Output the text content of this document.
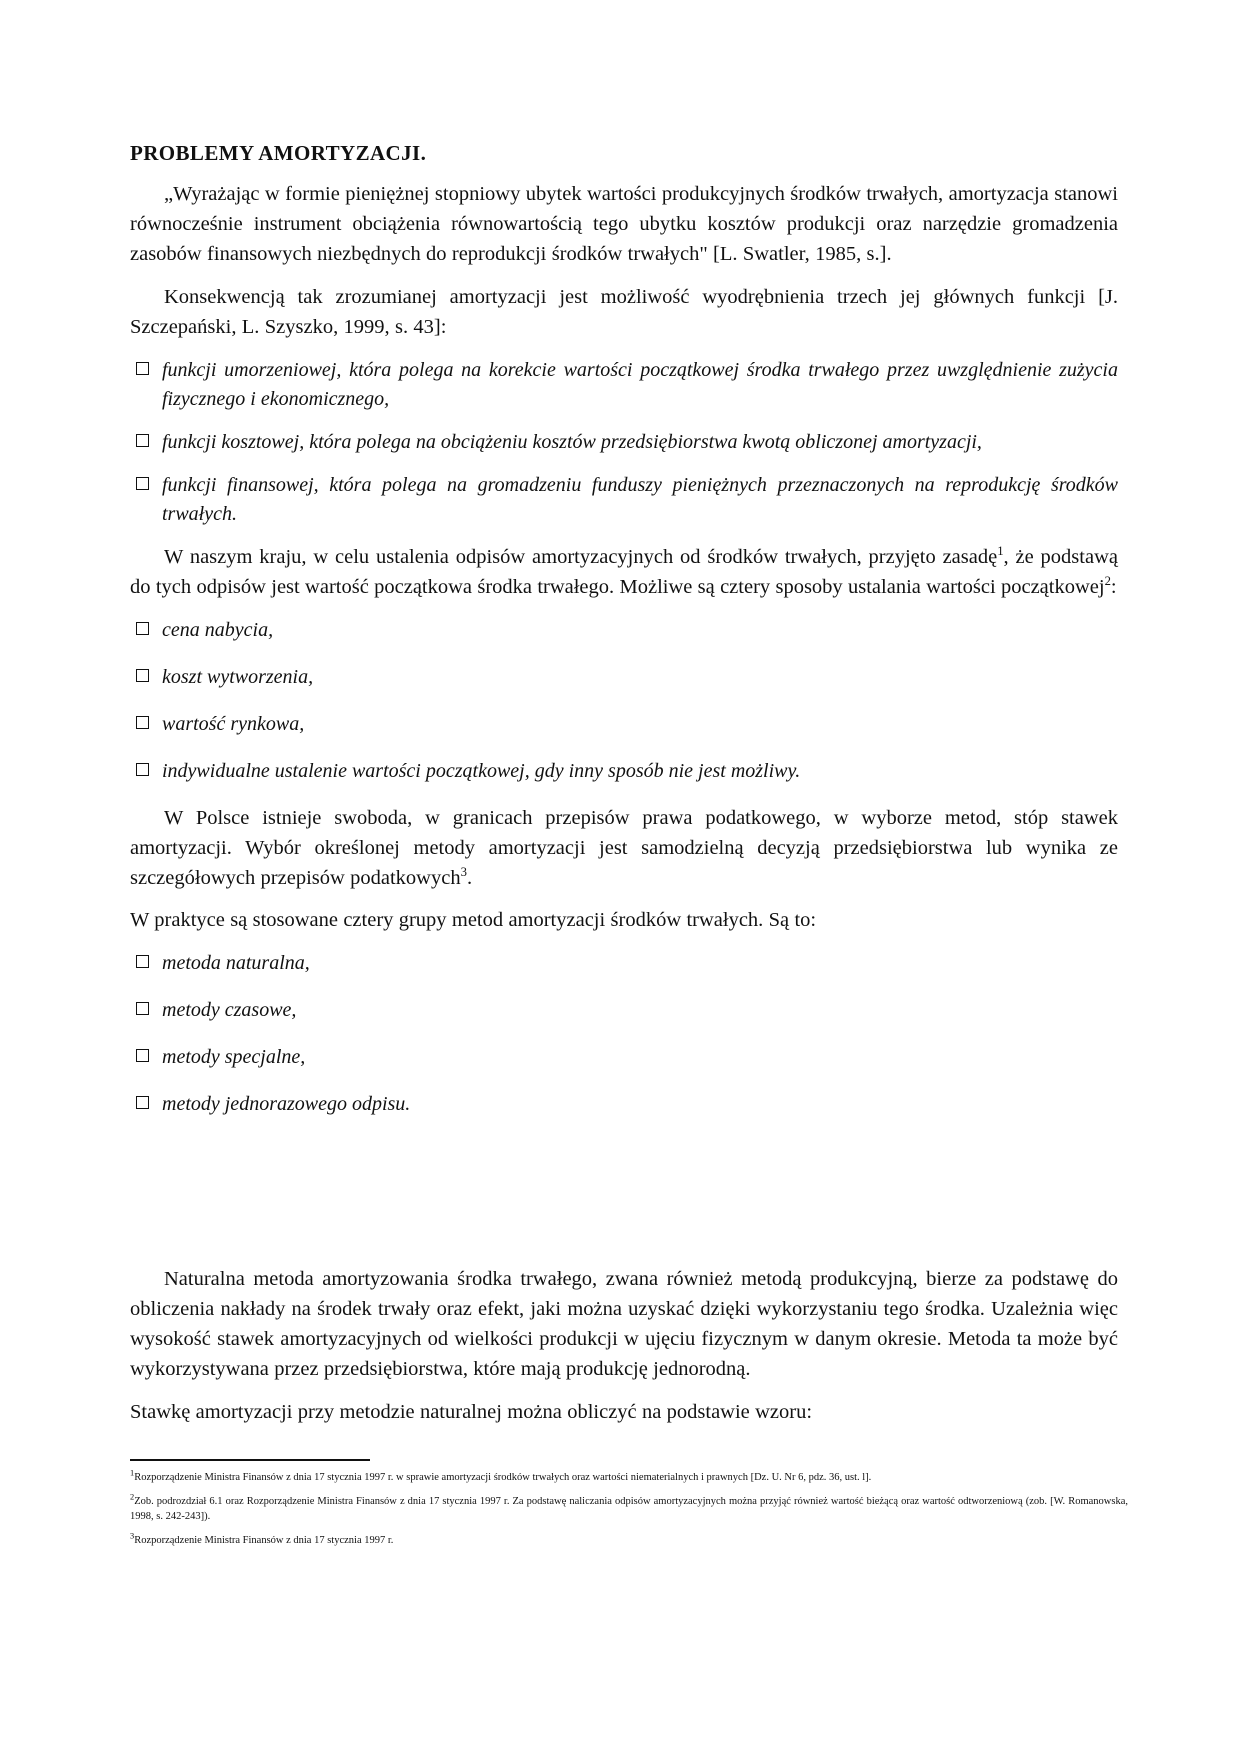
PROBLEMY AMORTYZACJI.

„Wyrażając w formie pieniężnej stopniowy ubytek wartości produkcyjnych środków trwałych, amortyzacja stanowi równocześnie instrument obciążenia równowartością tego ubytku kosztów produkcji oraz narzędzie gromadzenia zasobów finansowych niezbędnych do reprodukcji środków trwałych" [L. Swatler, 1985, s.].

Konsekwencją tak zrozumianej amortyzacji jest możliwość wyodrębnienia trzech jej głównych funkcji [J. Szczepański, L. Szyszko, 1999, s. 43]:

funkcji umorzeniowej, która polega na korekcie wartości początkowej środka trwałego przez uwzględnienie zużycia fizycznego i ekonomicznego,
funkcji kosztowej, która polega na obciążeniu kosztów przedsiębiorstwa kwotą obliczonej amortyzacji,
funkcji finansowej, która polega na gromadzeniu funduszy pieniężnych przeznaczonych na reprodukcję środków trwałych.

W naszym kraju, w celu ustalenia odpisów amortyzacyjnych od środków trwałych, przyjęto zasadę$^1$, że podstawą do tych odpisów jest wartość początkowa środka trwałego. Możliwe są cztery sposoby ustalania wartości początkowej$^2$:

cena nabycia,
koszt wytworzenia,
wartość rynkowa,
indywidualne ustalenie wartości początkowej, gdy inny sposób nie jest możliwy.

W Polsce istnieje swoboda, w granicach przepisów prawa podatkowego, w wyborze metod, stóp stawek amortyzacji. Wybór określonej metody amortyzacji jest samodzielną decyzją przedsiębiorstwa lub wynika ze szczegółowych przepisów podatkowych$^3$.

W praktyce są stosowane cztery grupy metod amortyzacji środków trwałych. Są to:

metoda naturalna,
metody czasowe,
metody specjalne,
metody jednorazowego odpisu.

Naturalna metoda amortyzowania środka trwałego, zwana również metodą produkcyjną, bierze za podstawę do obliczenia nakłady na środek trwały oraz efekt, jaki można uzyskać dzięki wykorzystaniu tego środka. Uzależnia więc wysokość stawek amortyzacyjnych od wielkości produkcji w ujęciu fizycznym w danym okresie. Metoda ta może być wykorzystywana przez przedsiębiorstwa, które mają produkcję jednorodną.

Stawkę amortyzacji przy metodzie naturalnej można obliczyć na podstawie wzoru:

$^1$Rozporządzenie Ministra Finansów z dnia 17 stycznia 1997 r. w sprawie amortyzacji środków trwałych oraz wartości niematerialnych i prawnych [Dz. U. Nr 6, pdz. 36, ust. l].

$^2$Zob. podrozdział 6.1 oraz Rozporządzenie Ministra Finansów z dnia 17 stycznia 1997 r. Za podstawę naliczania odpisów amortyzacyjnych można przyjąć również wartość bieżącą oraz wartość odtworzeniową (zob. [W. Romanowska, 1998, s. 242-243]).

$^3$Rozporządzenie Ministra Finansów z dnia 17 stycznia 1997 r.
